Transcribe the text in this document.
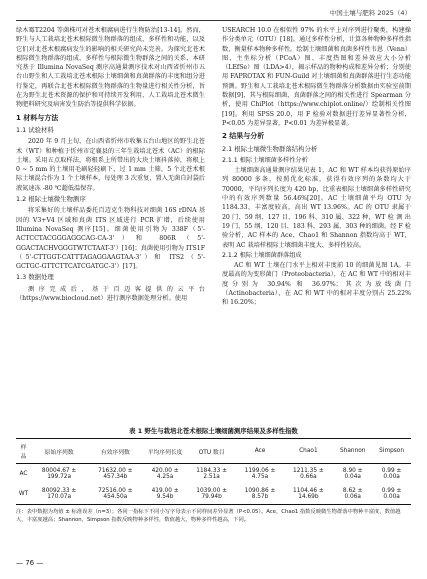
中国土壤与肥料 2025（4）

绿木霉T2204 等菌株可对苍术根腐病进行生物防治[13-14]。然而，野生与人工栽培北苍术根际微生物群落的组成、多样性和功能，以及它们对北苍术根腐病发生的影响的相关研究尚未完善。为探究北苍术根际微生物群落的组成、多样性与根际微生物群落之间的关系，本研究基于 Illumina NovaSeq 测序高通量测序技术对山西省忻州市五台山野生和人工栽培北苍术根际土壤细菌和真菌群落的丰度和组分进行鉴定，再联合北苍术根际微生物群落的生物量进行相关性分析，旨在为野生北苍术资源的保护和可持续开发利用、人工栽培北苍术微生物肥料研究及病害发生防治等提供科学依据。

1 材料与方法
1.1 试验材料

2020 年 9 月上旬，在山西省忻州市收集五台山地区的野生北苍术（WT）和种植于忻州市定襄县的三年生栽培北苍术（AC）的根际土壤。采用五点取样法，将根系上所带出的大块土壤抖落掉，将根上 0 ~ 5 mm 的土壤用毛刷轻轻刷下，过 1 mm 土筛，5 个北苍术根际土壤混合作为 1 个土壤样本，每处理 3 次重复，置入无菌自封袋后液氮速冻 -80 ℃超低温保存。

1.2 根际土壤微生物测序

将采集好的土壤样品委托百迈克生物科技对细菌 16S rDNA 基因的 V3+V4 区域和真菌 ITS 区域进行 PCR 扩增，后续使用 Illumina NovaSeq 测序[15]。细菌使用引物为 338F（5'-ACTCCTACGGGAGGCAG-CA-3'）和 806R（5'-GGACTACHVGGGTWTCTAAT-3'）[16]；真菌使用引物为 ITS1F（5'-CTTGGT-CATTTAGAGGAAGTAA-3'）和 ITS2（5'-GCTGC-GTTCTTCATCGATGC-3'）[17]。

1.3 数据处理

测序完成后，基于百迈客提供的云平台（https://www.biocloud.net）进行测序数据处理分析。使用

USEARCH 10.0 在相似性 97% 的水平上对序列进行聚类，构建操作分类单元（OTU）[18]。通过多样性分析，计算各种物种多样性指数，衡量样本物种多样性。绘制土壤细菌和真菌多样性韦恩（Venn）图、主坐标分析（PCoA）图、丰度热图和差异效应大小分析（LEfSe）图（LDA>4），揭示样品的物种构成和差异分析；分别使用 FAPROTAX 和 FUN-Guild 对土壤细菌和真菌群落进行生态功能预测。野生和人工栽培北苍术根际微生物群落分析数据由实验室前期数据[9]，其与根际细菌、真菌群落之间的相关性进行 Spearman 分析，使用 ChiPlot（https://www.chiplot.online/）绘制相关性图[19]。利用 SPSS 20.0，用 F 检验对数据进行差异显著性分析，P<0.05 为差异显著，P<0.01 为差异极显著。

2 结果与分析
2.1 根际土壤微生物群落结构分析
2.1.1 根际土壤细菌多样性分析

土壤细菌高通量测序结果见表 1，AC 和 WT 样本均获得原始序列 80000 多条，按照优化标准，获得有效序列的条数均大于 70000，平均序列长度为 420 bp，比重表根际土壤细菌多样性研究中的有效序列数量 56.46%[20]。AC 土壤细菌平均 OTU 为 1184.33，丰富度较高，高出 WT 13.96%。AC 的 OTU 隶属于 20 门、59 纲、127 目、196 科、310 属、322 种，WT 检 测 出 19 门、55 纲、120 目、183 科、293 属、303 种的细菌。经 F 检验分析，AC 样本的 Ace、Chao1 和 Shannon 指数均高于 WT，表明 AC 栽培样根际土壤细菌丰度大、多样性较高。

2.1.2 根际土壤细菌群落组成

AC 和 WT 土壤在门水平上相对丰度前 10 的细菌见图 1A。丰度最高的为变形菌门（Proteobacteria），在 AC 和 WT 中的相对丰度分别为 30.94% 和 36.97%；其次为放线菌门（Actinobacteria），在 AC 和 WT 中的相对丰度分别占 25.22% 和 16.20%；

表 1 野生与栽培北苍术根际土壤细菌测序结果及多样性指数
样品	原始序列数	有效序列数	平均序列长度	OTU 数目	Ace	Chao1	Shannon	Simpson
AC	80004.67 ± 199.72a	71632.00 ± 457.34b	420.00 ± 4.25a	1184.33 ± 2.51a	1199.06 ± 4.75a	1211.35 ± 0.66a	8.90 ± 0.04a	0.99 ± 0.00a
WT	80092.33 ± 170.07a	72516.00 ± 454.50a	419.00 ± 9.54b	1039.00 ± 79.94b	1090.86 ± 8.57b	1104.46 ± 14.69b	8.62 ± 0.06a	0.99 ± 0.00a
注：表中数据为均值 ± 标准误差（n=3）；各同一指标下不同小写字母表示不同样间差异显著（P<0.05）。Ace，Chao1 指数反映微生物群落中物种丰富度，数值越大，丰富度越高；Shannon，Simpson 指数反映物种多样性，数值越大，物种多样性越高，下同。
— 76 —
